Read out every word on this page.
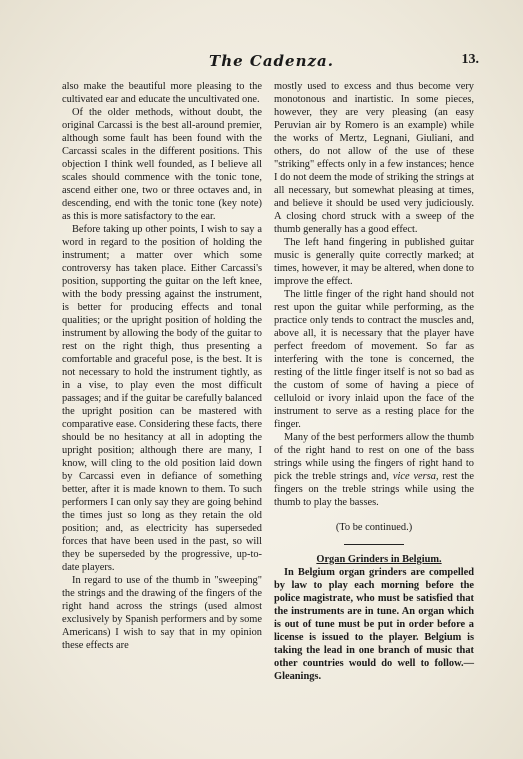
The Cadenza.	13.

also make the beautiful more pleasing to the cultivated ear and educate the uncultivated one.

Of the older methods, without doubt, the original Carcassi is the best all-around premier, although some fault has been found with the Carcassi scales in the different positions. This objection I think well founded, as I believe all scales should commence with the tonic tone, ascend either one, two or three octaves and, in descending, end with the tonic tone (key note) as this is more satisfactory to the ear.

Before taking up other points, I wish to say a word in regard to the position of holding the instrument; a matter over which some controversy has taken place. Either Carcassi's position, supporting the guitar on the left knee, with the body pressing against the instrument, is better for producing effects and tonal qualities; or the upright position of holding the instrument by allowing the body of the guitar to rest on the right thigh, thus presenting a comfortable and graceful pose, is the best. It is not necessary to hold the instrument tightly, as in a vise, to play even the most difficult passages; and if the guitar be carefully balanced the upright position can be mastered with comparative ease. Considering these facts, there should be no hesitancy at all in adopting the upright position; although there are many, I know, will cling to the old position laid down by Carcassi even in defiance of something better, after it is made known to them. To such performers I can only say they are going behind the times just so long as they retain the old position; and, as electricity has superseded forces that have been used in the past, so will they be superseded by the progressive, up-to-date players.

In regard to use of the thumb in "sweeping" the strings and the drawing of the fingers of the right hand across the strings (used almost exclusively by Spanish performers and by some Americans) I wish to say that in my opinion these effects are

mostly used to excess and thus become very monotonous and inartistic. In some pieces, however, they are very pleasing (an easy Peruvian air by Romero is an example) while the works of Mertz, Legnani, Giuliani, and others, do not allow of the use of these "striking" effects only in a few instances; hence I do not deem the mode of striking the strings at all necessary, but somewhat pleasing at times, and believe it should be used very judiciously. A closing chord struck with a sweep of the thumb generally has a good effect.

The left hand fingering in published guitar music is generally quite correctly marked; at times, however, it may be altered, when done to improve the effect.

The little finger of the right hand should not rest upon the guitar while performing, as the practice only tends to contract the muscles and, above all, it is necessary that the player have perfect freedom of movement. So far as interfering with the tone is concerned, the resting of the little finger itself is not so bad as the custom of some of having a piece of celluloid or ivory inlaid upon the face of the instrument to serve as a resting place for the finger.

Many of the best performers allow the thumb of the right hand to rest on one of the bass strings while using the fingers of right hand to pick the treble strings and, vice versa, rest the fingers on the treble strings while using the thumb to play the basses.

(To be continued.)

Organ Grinders in Belgium.

In Belgium organ grinders are compelled by law to play each morning before the police magistrate, who must be satisfied that the instruments are in tune. An organ which is out of tune must be put in order before a license is issued to the player. Belgium is taking the lead in one branch of music that other countries would do well to follow.—Gleanings.
